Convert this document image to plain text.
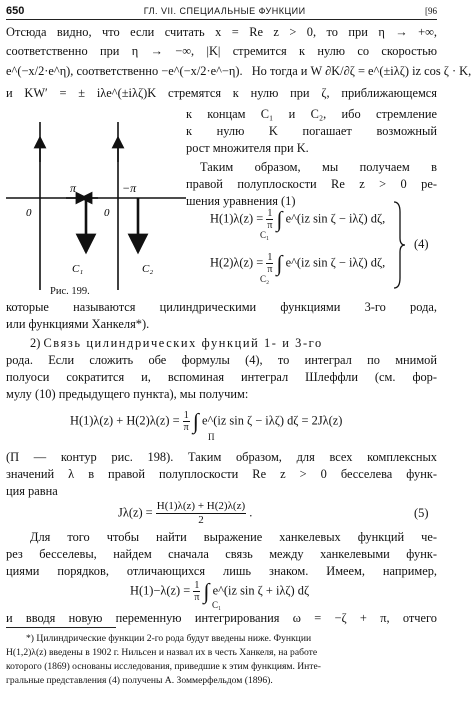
650	ГЛ. VII. СПЕЦИАЛЬНЫЕ ФУНКЦИИ	[96
Отсюда видно, что если считать x = Re z > 0, то при η → +∞,
соответственно при η → −∞, |K| стремится к нулю со скоростью
e^(−x/2·e^η), соответственно −e^(−x/2·e^−η). Но тогда и W ∂K/∂ζ = e^(±iλζ) iz cos ζ · K,
и KW′ = ± iλe^(±iλζ)K стремятся к нулю при ζ, приближающемся
к концам C₁ и C₂, ибо стремление
к нулю K погашает возможный
рост множителя при K.
Таким образом, мы получаем в
правой полуплоскости Re z > 0 ре-
шения уравнения (1)
π	−π
0	0
C₁	C₂
Рис. 199.
$H(1)\lambda(z) = \frac{1}{\pi}$ ∫ e^(iz sin ζ − iλζ) dζ,
C₁
$H(2)\lambda(z) = \frac{1}{\pi}$ ∫ e^(iz sin ζ − iλζ) dζ,
C₂
(4)
которые называются цилиндрическими функциями 3-го рода,
или функциями Ханкеля*).
2) Связь цилиндрических функций 1- и 3-го
рода. Если сложить обе формулы (4), то интеграл по мнимой
полуоси сократится и, вспоминая интеграл Шлеффли (см. фор-
мулу (10) предыдущего пункта), мы получим:
$H(1)\lambda(z) + H(2)\lambda(z) = \frac{1}{\pi}$ ∫ e^(iz sin ζ − iλζ) dζ = 2Jλ(z)
Π
(Π — контур рис. 198). Таким образом, для всех комплексных
значений λ в правой полуплоскости Re z > 0 бесселева функ-
ция равна
$J\lambda(z) = \frac{H(1)\lambda(z) + H(2)\lambda(z)}{2}$ .	(5)
Для того чтобы найти выражение ханкелевых функций че-
рез бесселевы, найдем сначала связь между ханкелевыми функ-
циями порядков, отличающихся лишь знаком. Имеем, например,
$H(1)-\lambda(z) = \frac{1}{\pi}$ ∫ e^(iz sin ζ + iλζ) dζ
C₁
и вводя новую переменную интегрирования ω = −ζ + π, отчего
*) Цилиндрические функции 2-го рода будут введены ниже. Функции
H(1,2)λ(z) введены в 1902 г. Нильсен и назвал их в честь Ханкеля, на работе
которого (1869) основаны исследования, приведшие к этим функциям. Инте-
гральные представления (4) получены А. Зоммерфельдом (1896).
